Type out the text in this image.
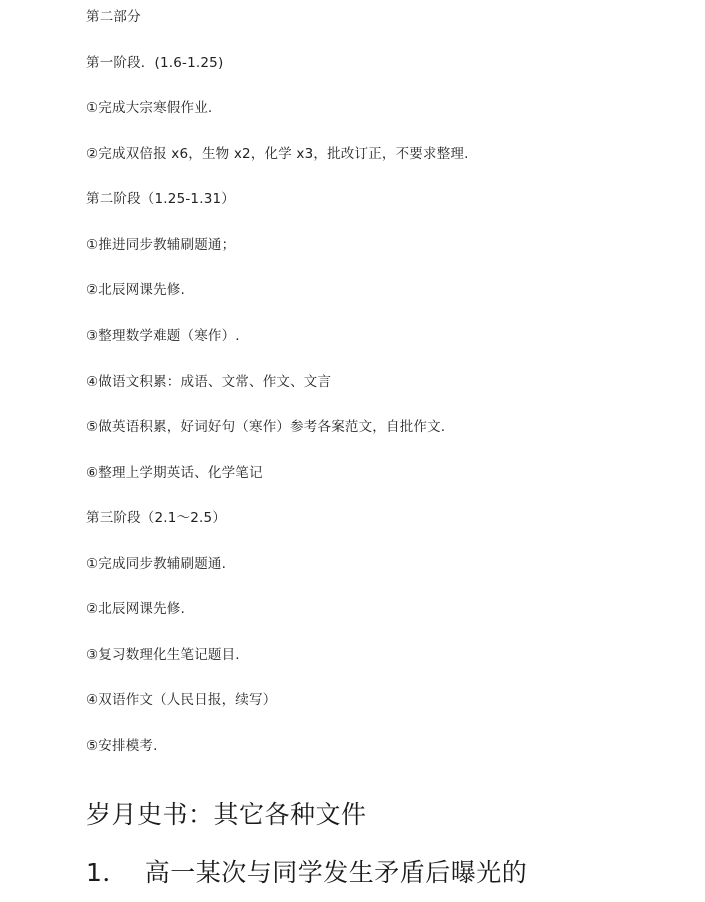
第二部分

第一阶段．(1.6-1.25)

①完成大宗寒假作业.

②完成双倍报 x6，生物 x2，化学 x3，批改订正，不要求整理.

第二阶段（1.25-1.31）

①推进同步教辅刷题通；

②北辰网课先修.

③整理数学难题（寒作）.

④做语文积累：成语、文常、作文、文言

⑤做英语积累，好词好句（寒作）参考各案范文，自批作文.

⑥整理上学期英话、化学笔记

第三阶段（2.1～2.5）

①完成同步教辅刷题通.

②北辰网课先修.

③复习数理化生笔记题目.

④双语作文（人民日报，续写）

⑤安排模考.

岁月史书：其它各种文件
1．  高一某次与同学发生矛盾后曝光的
